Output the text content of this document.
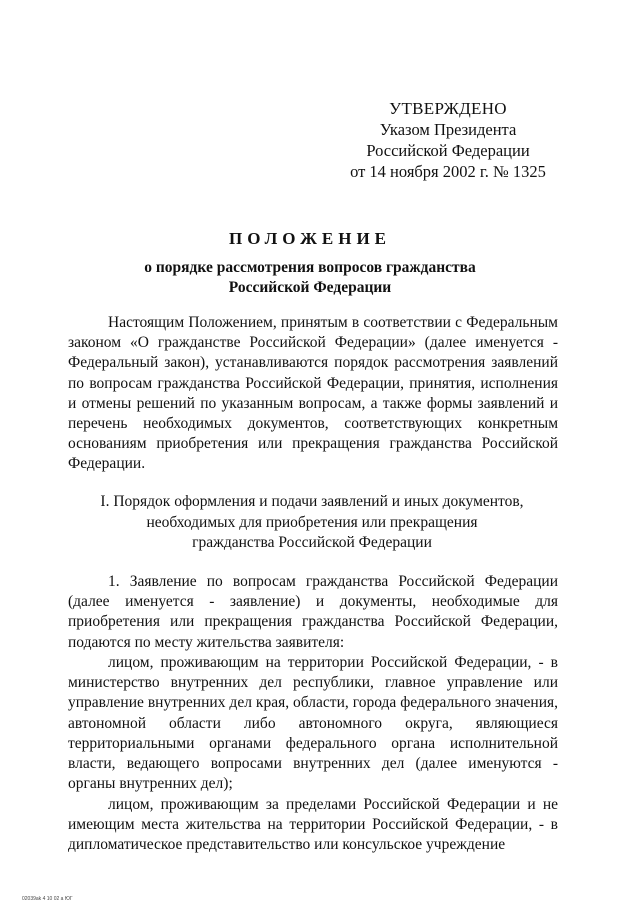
УТВЕРЖДЕНО
Указом Президента
Российской Федерации
от 14 ноября 2002 г. № 1325
ПОЛОЖЕНИЕ
о порядке рассмотрения вопросов гражданства
Российской Федерации

Настоящим Положением, принятым в соответствии с Федеральным законом «О гражданстве Российской Федерации» (далее именуется - Федеральный закон), устанавливаются порядок рассмотрения заявлений по вопросам гражданства Российской Федерации, принятия, исполнения и отмены решений по указанным вопросам, а также формы заявлений и перечень необходимых документов, соответствующих конкретным основаниям приобретения или прекращения гражданства Российской Федерации.

I. Порядок оформления и подачи заявлений и иных документов,
необходимых для приобретения или прекращения
гражданства Российской Федерации

1. Заявление по вопросам гражданства Российской Федерации (далее именуется - заявление) и документы, необходимые для приобретения или прекращения гражданства Российской Федерации, подаются по месту жительства заявителя:

лицом, проживающим на территории Российской Федерации, - в министерство внутренних дел республики, главное управление или управление внутренних дел края, области, города федерального значения, автономной области либо автономного округа, являющиеся территориальными органами федерального органа исполнительной власти, ведающего вопросами внутренних дел (далее именуются - органы внутренних дел);

лицом, проживающим за пределами Российской Федерации и не имеющим места жительства на территории Российской Федерации, - в дипломатическое представительство или консульское учреждение

02039ak 4 10 02 a ЮГ
